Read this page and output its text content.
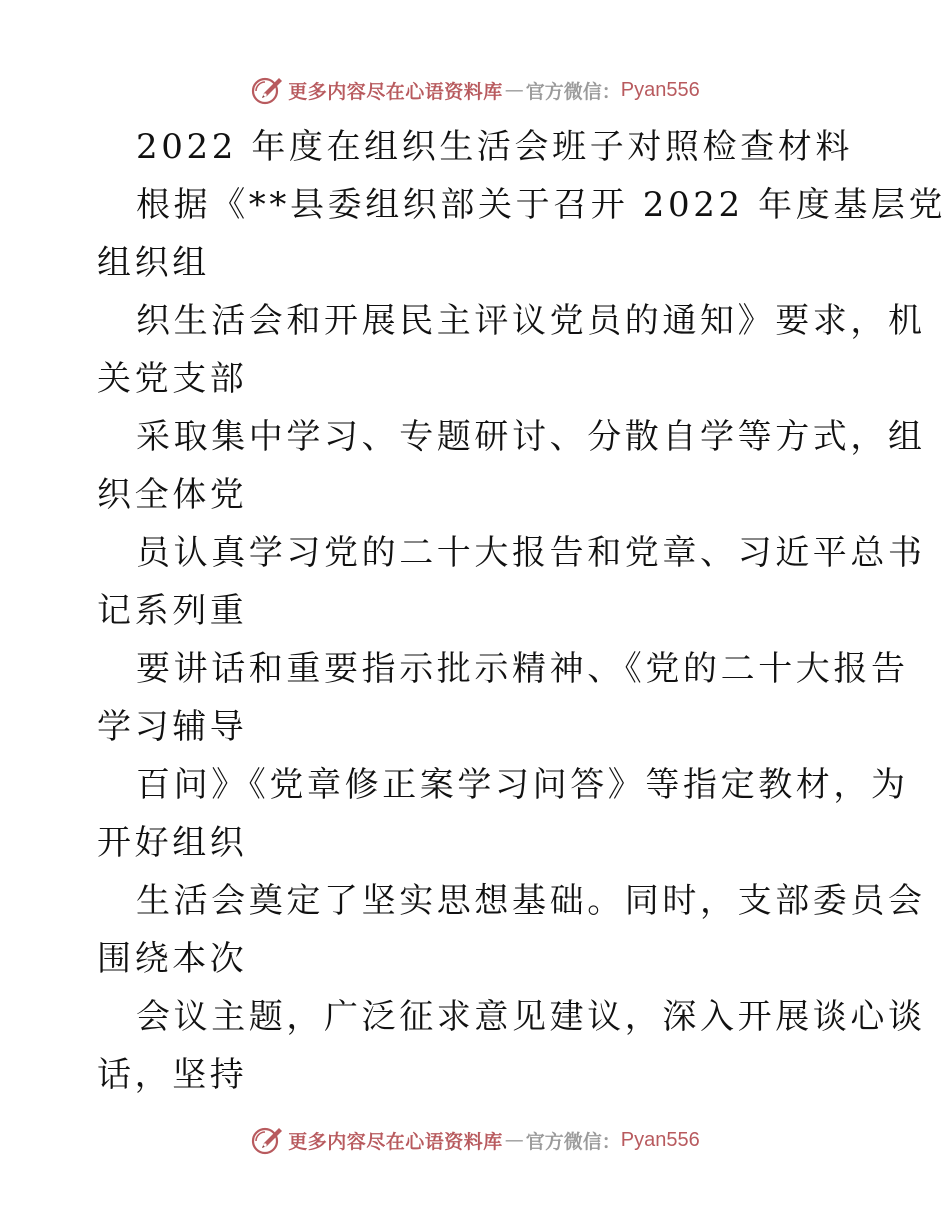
更多内容尽在心语资料库 — 官方微信： Pyan556
2022 年度在组织生活会班子对照检查材料
根据《**县委组织部关于召开 2022 年度基层党
组织组
织生活会和开展民主评议党员的通知》要求，机
关党支部
采取集中学习、专题研讨、分散自学等方式，组
织全体党
员认真学习党的二十大报告和党章、习近平总书
记系列重
要讲话和重要指示批示精神、《党的二十大报告
学习辅导
百问》《党章修正案学习问答》等指定教材，为
开好组织
生活会奠定了坚实思想基础。同时，支部委员会
围绕本次
会议主题，广泛征求意见建议，深入开展谈心谈
话，坚持
更多内容尽在心语资料库 — 官方微信： Pyan556
